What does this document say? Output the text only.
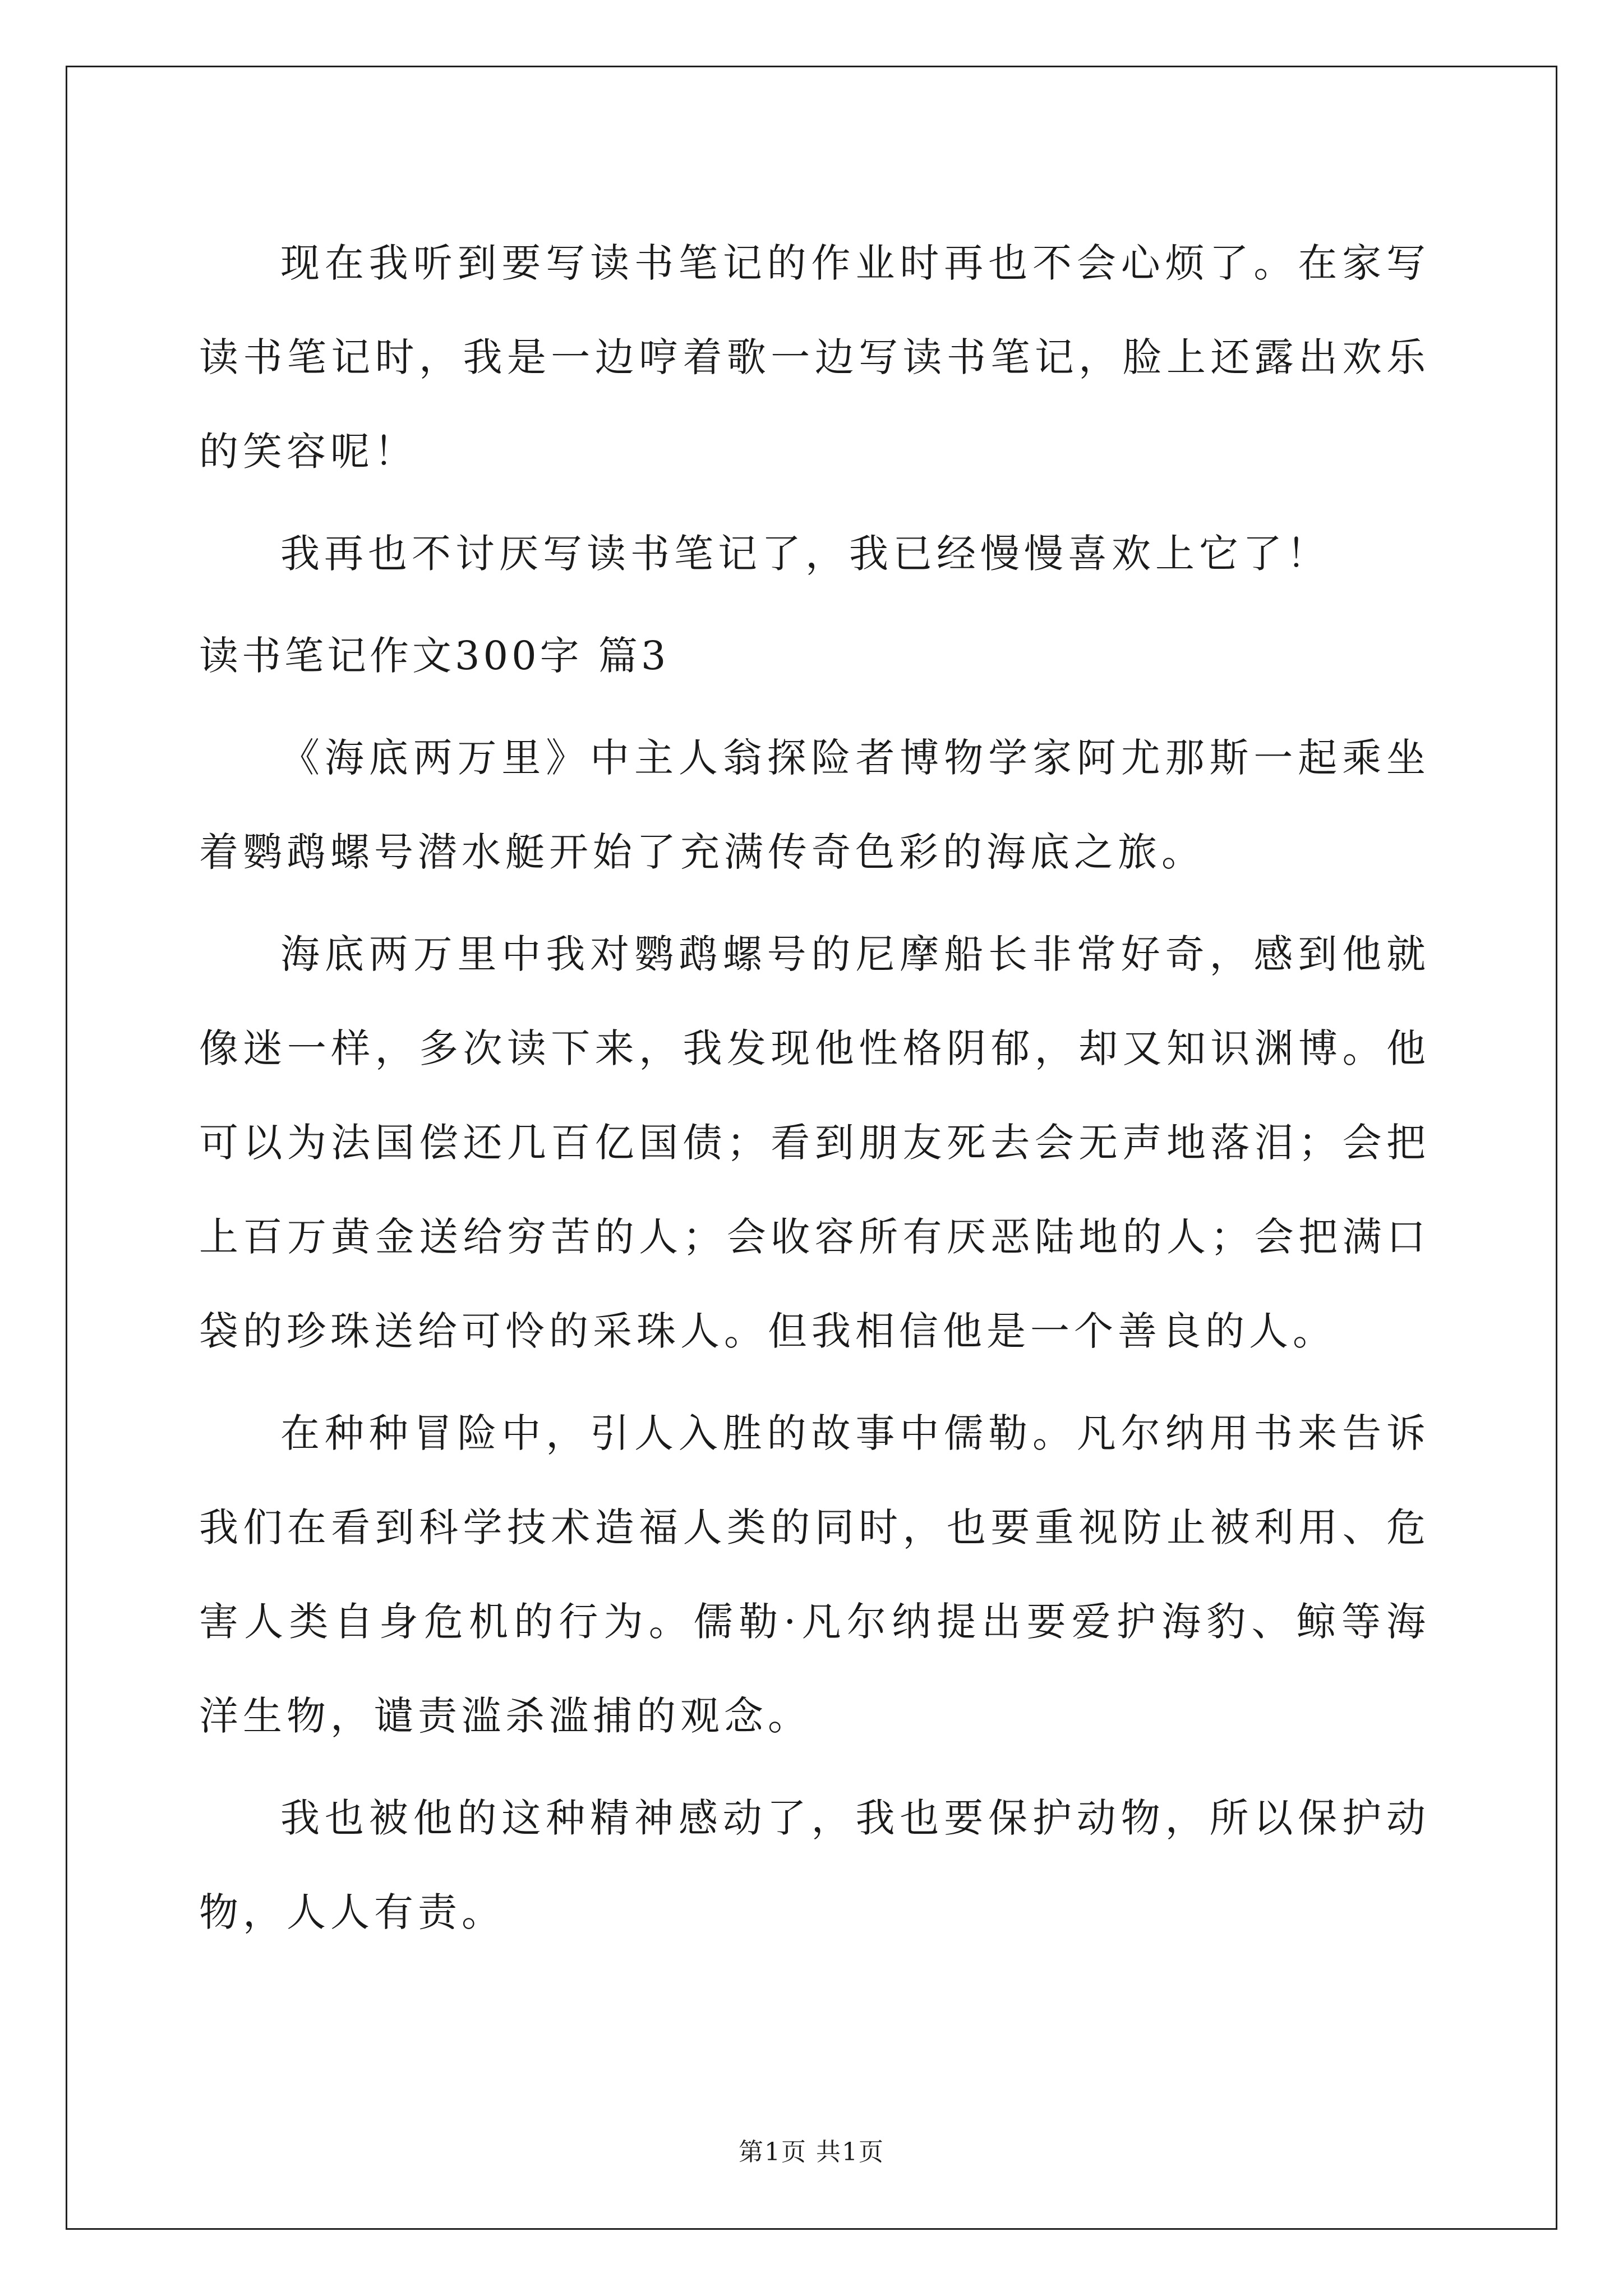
现在我听到要写读书笔记的作业时再也不会心烦了。在家写读书笔记时，我是一边哼着歌一边写读书笔记，脸上还露出欢乐的笑容呢！

我再也不讨厌写读书笔记了，我已经慢慢喜欢上它了！

读书笔记作文300字 篇3

《海底两万里》中主人翁探险者博物学家阿尤那斯一起乘坐着鹦鹉螺号潜水艇开始了充满传奇色彩的海底之旅。

海底两万里中我对鹦鹉螺号的尼摩船长非常好奇，感到他就像迷一样，多次读下来，我发现他性格阴郁，却又知识渊博。他可以为法国偿还几百亿国债；看到朋友死去会无声地落泪；会把上百万黄金送给穷苦的人；会收容所有厌恶陆地的人；会把满口袋的珍珠送给可怜的采珠人。但我相信他是一个善良的人。

在种种冒险中，引人入胜的故事中儒勒。凡尔纳用书来告诉我们在看到科学技术造福人类的同时，也要重视防止被利用、危害人类自身危机的行为。儒勒·凡尔纳提出要爱护海豹、鲸等海洋生物，谴责滥杀滥捕的观念。

我也被他的这种精神感动了，我也要保护动物，所以保护动物，人人有责。

第1页 共1页
